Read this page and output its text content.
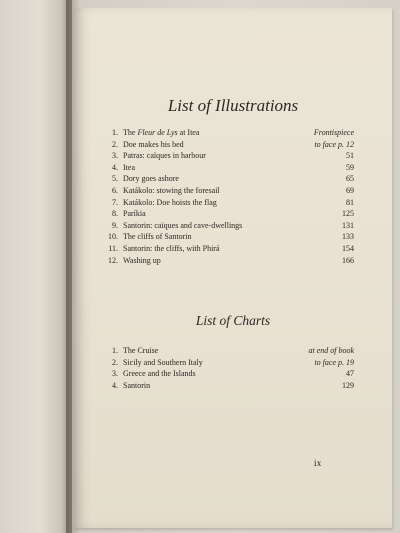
List of Illustrations
1. The Fleur de Lys at Itea	Frontispiece
2. Doe makes his bed	to face p. 12
3. Patras: caïques in harbour	51
4. Itea	59
5. Dory goes ashore	65
6. Katákolo: stowing the foresail	69
7. Katákolo: Doe hoists the flag	81
8. Paríkia	125
9. Santorin: caïques and cave-dwellings	131
10. The cliffs of Santorin	133
11. Santorin: the cliffs, with Phirá	154
12. Washing up	166
List of Charts
1. The Cruise	at end of book
2. Sicily and Southern Italy	to face p. 19
3. Greece and the Islands	47
4. Santorin	129
ix
